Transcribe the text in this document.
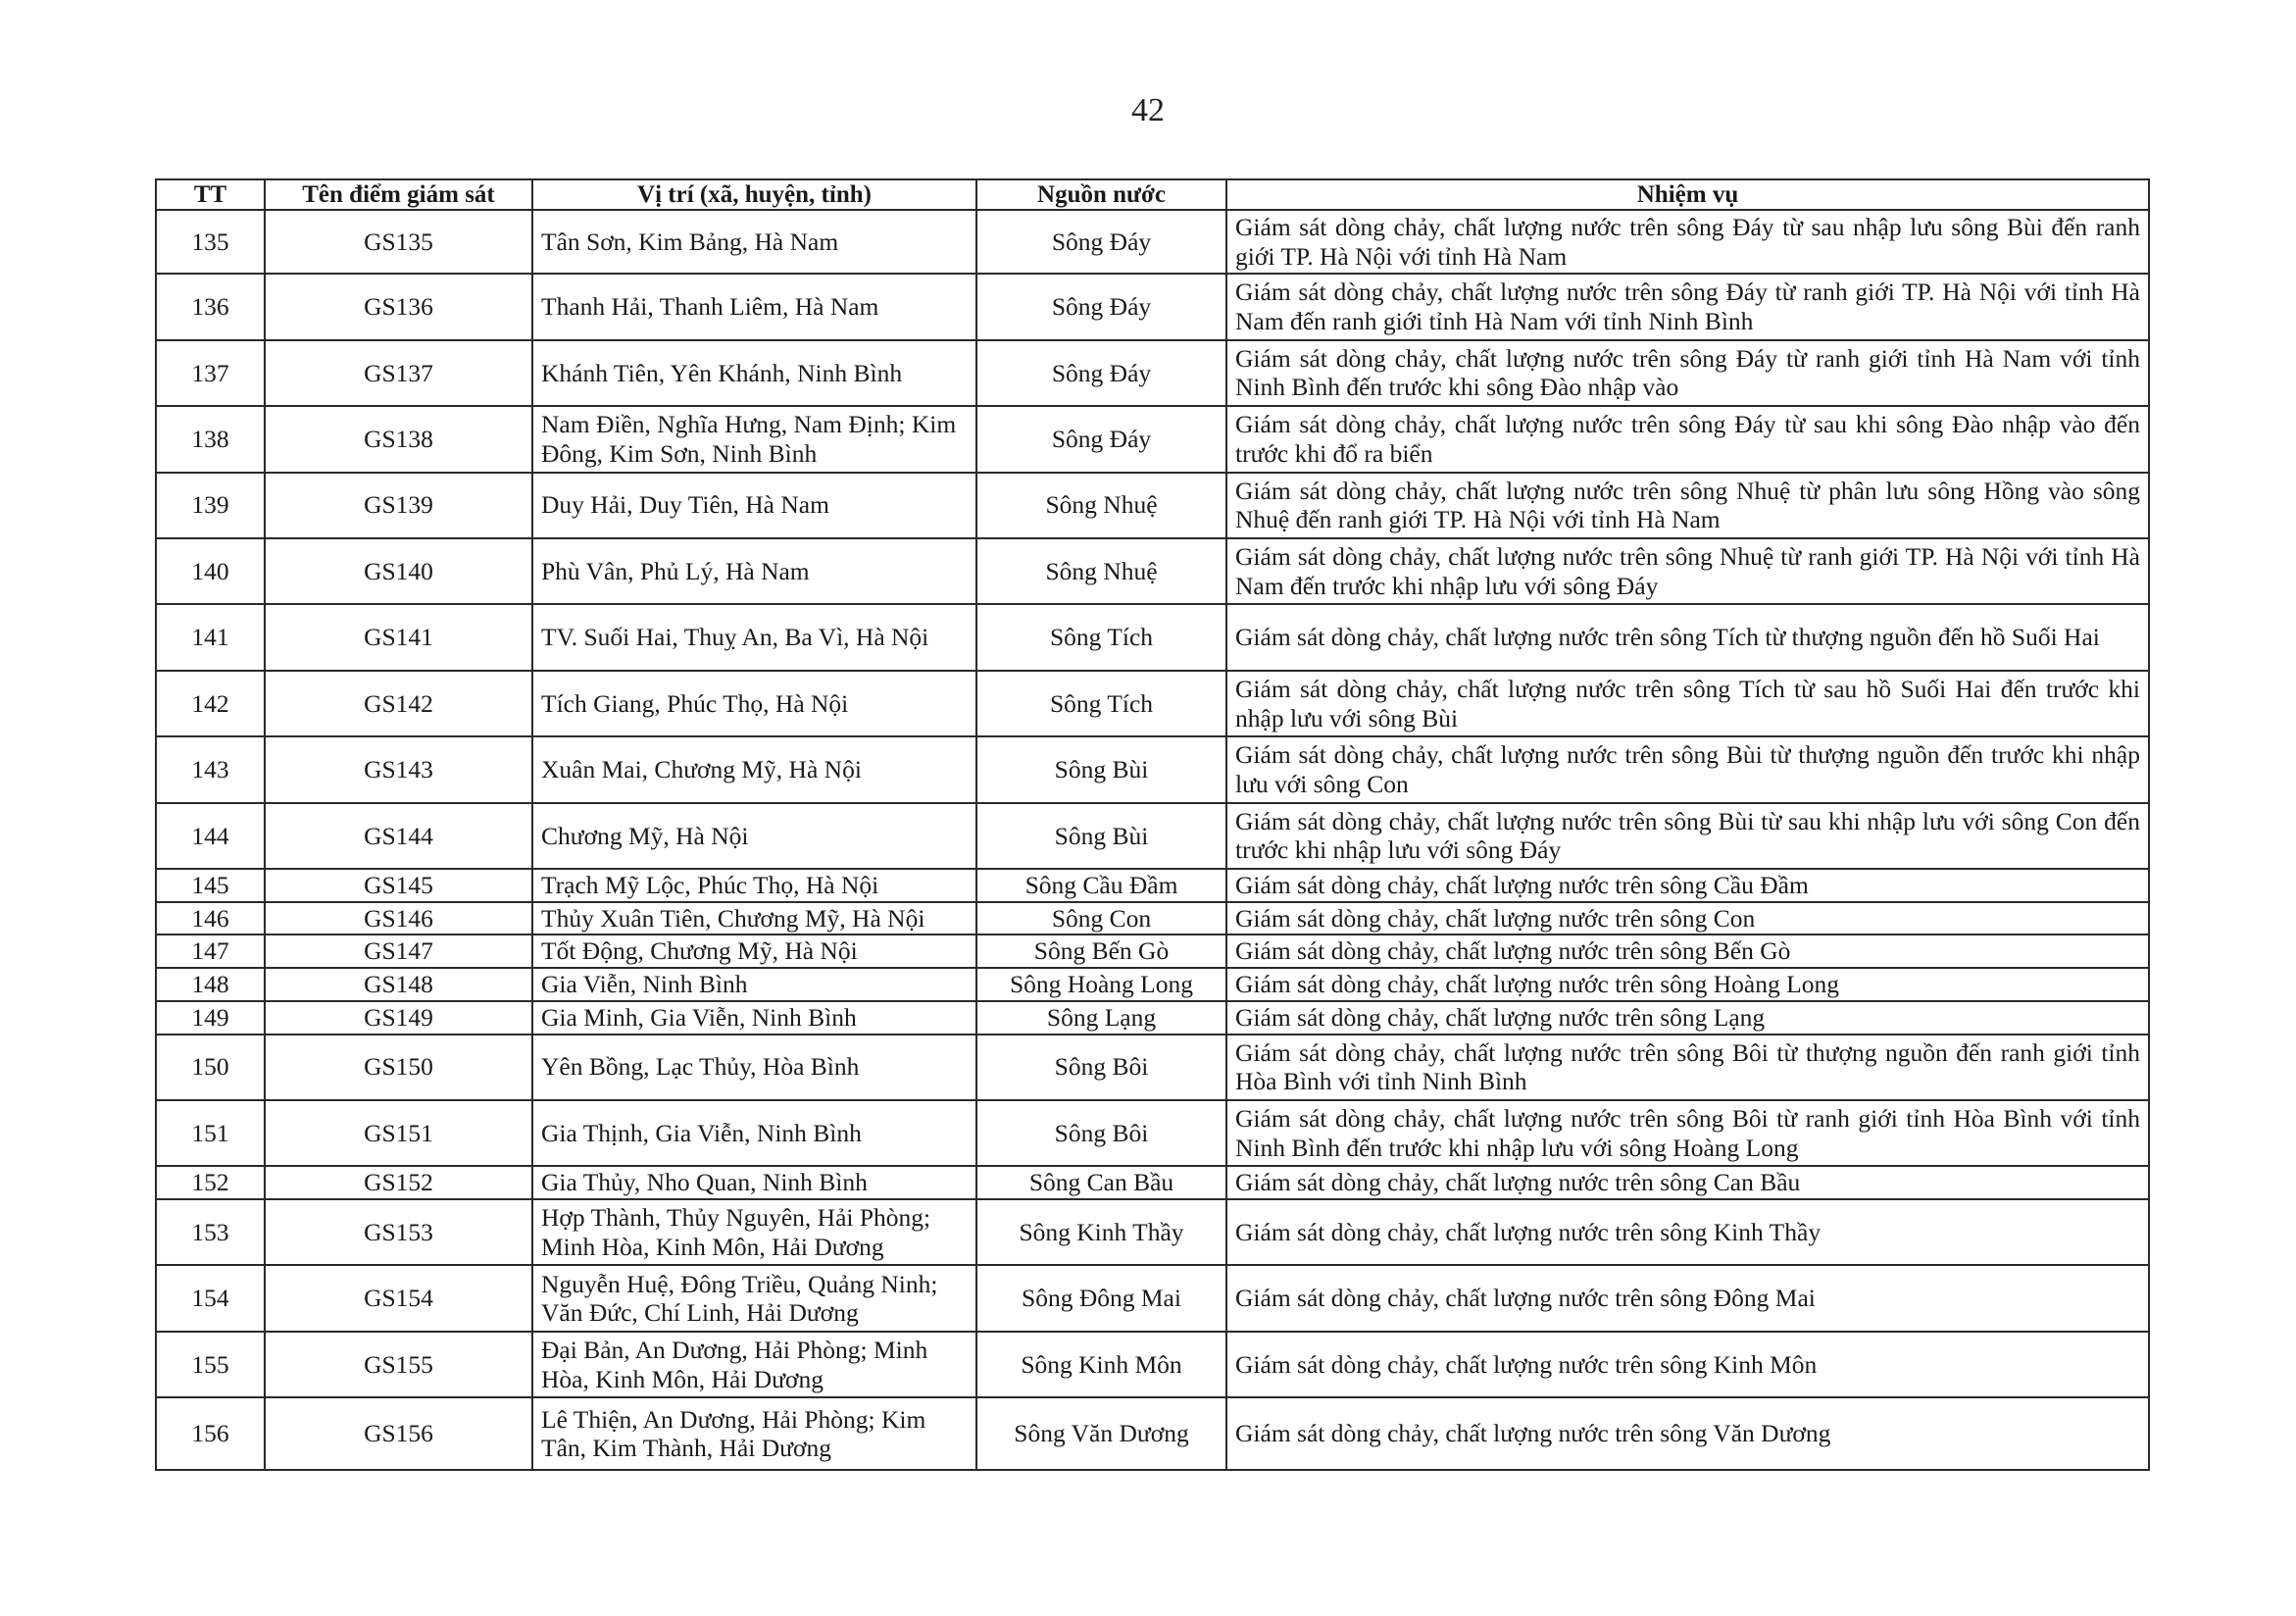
42
TT	Tên điểm giám sát	Vị trí (xã, huyện, tỉnh)	Nguồn nước	Nhiệm vụ
135	GS135	Tân Sơn, Kim Bảng, Hà Nam	Sông Đáy	Giám sát dòng chảy, chất lượng nước trên sông Đáy từ sau nhập lưu sông Bùi đến ranh giới TP. Hà Nội với tỉnh Hà Nam
136	GS136	Thanh Hải, Thanh Liêm, Hà Nam	Sông Đáy	Giám sát dòng chảy, chất lượng nước trên sông Đáy từ ranh giới TP. Hà Nội với tỉnh Hà Nam đến ranh giới tỉnh Hà Nam với tỉnh Ninh Bình
137	GS137	Khánh Tiên, Yên Khánh, Ninh Bình	Sông Đáy	Giám sát dòng chảy, chất lượng nước trên sông Đáy từ ranh giới tỉnh Hà Nam với tỉnh Ninh Bình đến trước khi sông Đào nhập vào
138	GS138	Nam Điền, Nghĩa Hưng, Nam Định; Kim Đông, Kim Sơn, Ninh Bình	Sông Đáy	Giám sát dòng chảy, chất lượng nước trên sông Đáy từ sau khi sông Đào nhập vào đến trước khi đổ ra biển
139	GS139	Duy Hải, Duy Tiên, Hà Nam	Sông Nhuệ	Giám sát dòng chảy, chất lượng nước trên sông Nhuệ từ phân lưu sông Hồng vào sông Nhuệ đến ranh giới TP. Hà Nội với tỉnh Hà Nam
140	GS140	Phù Vân, Phủ Lý, Hà Nam	Sông Nhuệ	Giám sát dòng chảy, chất lượng nước trên sông Nhuệ từ ranh giới TP. Hà Nội với tỉnh Hà Nam đến trước khi nhập lưu với sông Đáy
141	GS141	TV. Suối Hai, Thuỵ An, Ba Vì, Hà Nội	Sông Tích	Giám sát dòng chảy, chất lượng nước trên sông Tích từ thượng nguồn đến hồ Suối Hai
142	GS142	Tích Giang, Phúc Thọ, Hà Nội	Sông Tích	Giám sát dòng chảy, chất lượng nước trên sông Tích từ sau hồ Suối Hai đến trước khi nhập lưu với sông Bùi
143	GS143	Xuân Mai, Chương Mỹ, Hà Nội	Sông Bùi	Giám sát dòng chảy, chất lượng nước trên sông Bùi từ thượng nguồn đến trước khi nhập lưu với sông Con
144	GS144	Chương Mỹ, Hà Nội	Sông Bùi	Giám sát dòng chảy, chất lượng nước trên sông Bùi từ sau khi nhập lưu với sông Con đến trước khi nhập lưu với sông Đáy
145	GS145	Trạch Mỹ Lộc, Phúc Thọ, Hà Nội	Sông Cầu Đầm	Giám sát dòng chảy, chất lượng nước trên sông Cầu Đầm
146	GS146	Thủy Xuân Tiên, Chương Mỹ, Hà Nội	Sông Con	Giám sát dòng chảy, chất lượng nước trên sông Con
147	GS147	Tốt Động, Chương Mỹ, Hà Nội	Sông Bến Gò	Giám sát dòng chảy, chất lượng nước trên sông Bến Gò
148	GS148	Gia Viễn, Ninh Bình	Sông Hoàng Long	Giám sát dòng chảy, chất lượng nước trên sông Hoàng Long
149	GS149	Gia Minh, Gia Viễn, Ninh Bình	Sông Lạng	Giám sát dòng chảy, chất lượng nước trên sông Lạng
150	GS150	Yên Bồng, Lạc Thủy, Hòa Bình	Sông Bôi	Giám sát dòng chảy, chất lượng nước trên sông Bôi từ thượng nguồn đến ranh giới tỉnh Hòa Bình với tỉnh Ninh Bình
151	GS151	Gia Thịnh, Gia Viễn, Ninh Bình	Sông Bôi	Giám sát dòng chảy, chất lượng nước trên sông Bôi từ ranh giới tỉnh Hòa Bình với tỉnh Ninh Bình đến trước khi nhập lưu với sông Hoàng Long
152	GS152	Gia Thủy, Nho Quan, Ninh Bình	Sông Can Bầu	Giám sát dòng chảy, chất lượng nước trên sông Can Bầu
153	GS153	Hợp Thành, Thủy Nguyên, Hải Phòng; Minh Hòa, Kinh Môn, Hải Dương	Sông Kinh Thầy	Giám sát dòng chảy, chất lượng nước trên sông Kinh Thầy
154	GS154	Nguyễn Huệ, Đông Triều, Quảng Ninh; Văn Đức, Chí Linh, Hải Dương	Sông Đông Mai	Giám sát dòng chảy, chất lượng nước trên sông Đông Mai
155	GS155	Đại Bản, An Dương, Hải Phòng; Minh Hòa, Kinh Môn, Hải Dương	Sông Kinh Môn	Giám sát dòng chảy, chất lượng nước trên sông Kinh Môn
156	GS156	Lê Thiện, An Dương, Hải Phòng; Kim Tân, Kim Thành, Hải Dương	Sông Văn Dương	Giám sát dòng chảy, chất lượng nước trên sông Văn Dương
